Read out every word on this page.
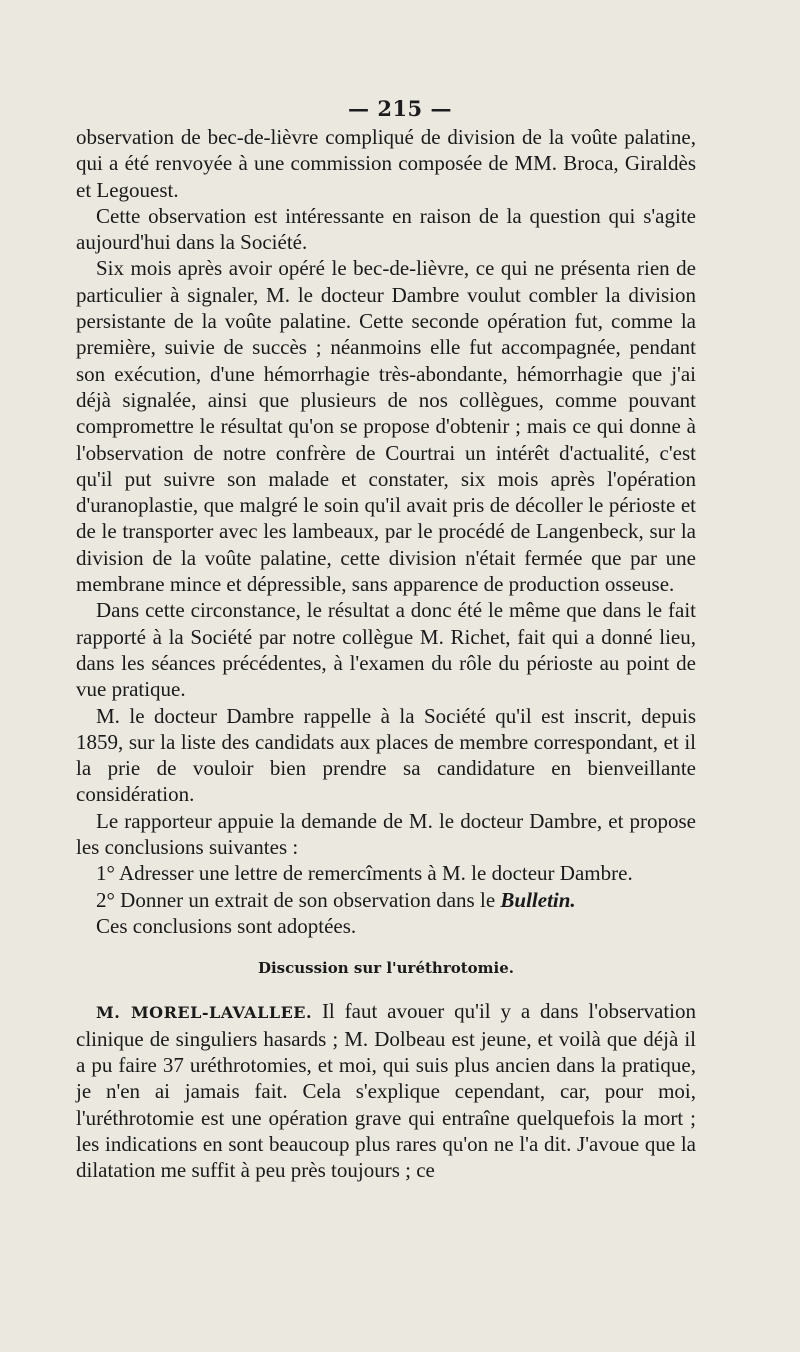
— 215 —

observation de bec-de-lièvre compliqué de division de la voûte palatine, qui a été renvoyée à une commission composée de MM. Broca, Giraldès et Legouest.

Cette observation est intéressante en raison de la question qui s'agite aujourd'hui dans la Société.

Six mois après avoir opéré le bec-de-lièvre, ce qui ne présenta rien de particulier à signaler, M. le docteur Dambre voulut combler la division persistante de la voûte palatine. Cette seconde opération fut, comme la première, suivie de succès ; néanmoins elle fut accompagnée, pendant son exécution, d'une hémorrhagie très-abondante, hémorrhagie que j'ai déjà signalée, ainsi que plusieurs de nos collègues, comme pouvant compromettre le résultat qu'on se propose d'obtenir ; mais ce qui donne à l'observation de notre confrère de Courtrai un intérêt d'actualité, c'est qu'il put suivre son malade et constater, six mois après l'opération d'uranoplastie, que malgré le soin qu'il avait pris de décoller le périoste et de le transporter avec les lambeaux, par le procédé de Langenbeck, sur la division de la voûte palatine, cette division n'était fermée que par une membrane mince et dépressible, sans apparence de production osseuse.

Dans cette circonstance, le résultat a donc été le même que dans le fait rapporté à la Société par notre collègue M. Richet, fait qui a donné lieu, dans les séances précédentes, à l'examen du rôle du périoste au point de vue pratique.

M. le docteur Dambre rappelle à la Société qu'il est inscrit, depuis 1859, sur la liste des candidats aux places de membre correspondant, et il la prie de vouloir bien prendre sa candidature en bienveillante considération.

Le rapporteur appuie la demande de M. le docteur Dambre, et propose les conclusions suivantes :

1° Adresser une lettre de remercîments à M. le docteur Dambre.

2° Donner un extrait de son observation dans le Bulletin.

Ces conclusions sont adoptées.

Discussion sur l'uréthrotomie.

M. MOREL-LAVALLEE. Il faut avouer qu'il y a dans l'observation clinique de singuliers hasards ; M. Dolbeau est jeune, et voilà que déjà il a pu faire 37 uréthrotomies, et moi, qui suis plus ancien dans la pratique, je n'en ai jamais fait. Cela s'explique cependant, car, pour moi, l'uréthrotomie est une opération grave qui entraîne quelquefois la mort ; les indications en sont beaucoup plus rares qu'on ne l'a dit. J'avoue que la dilatation me suffit à peu près toujours ; ce
